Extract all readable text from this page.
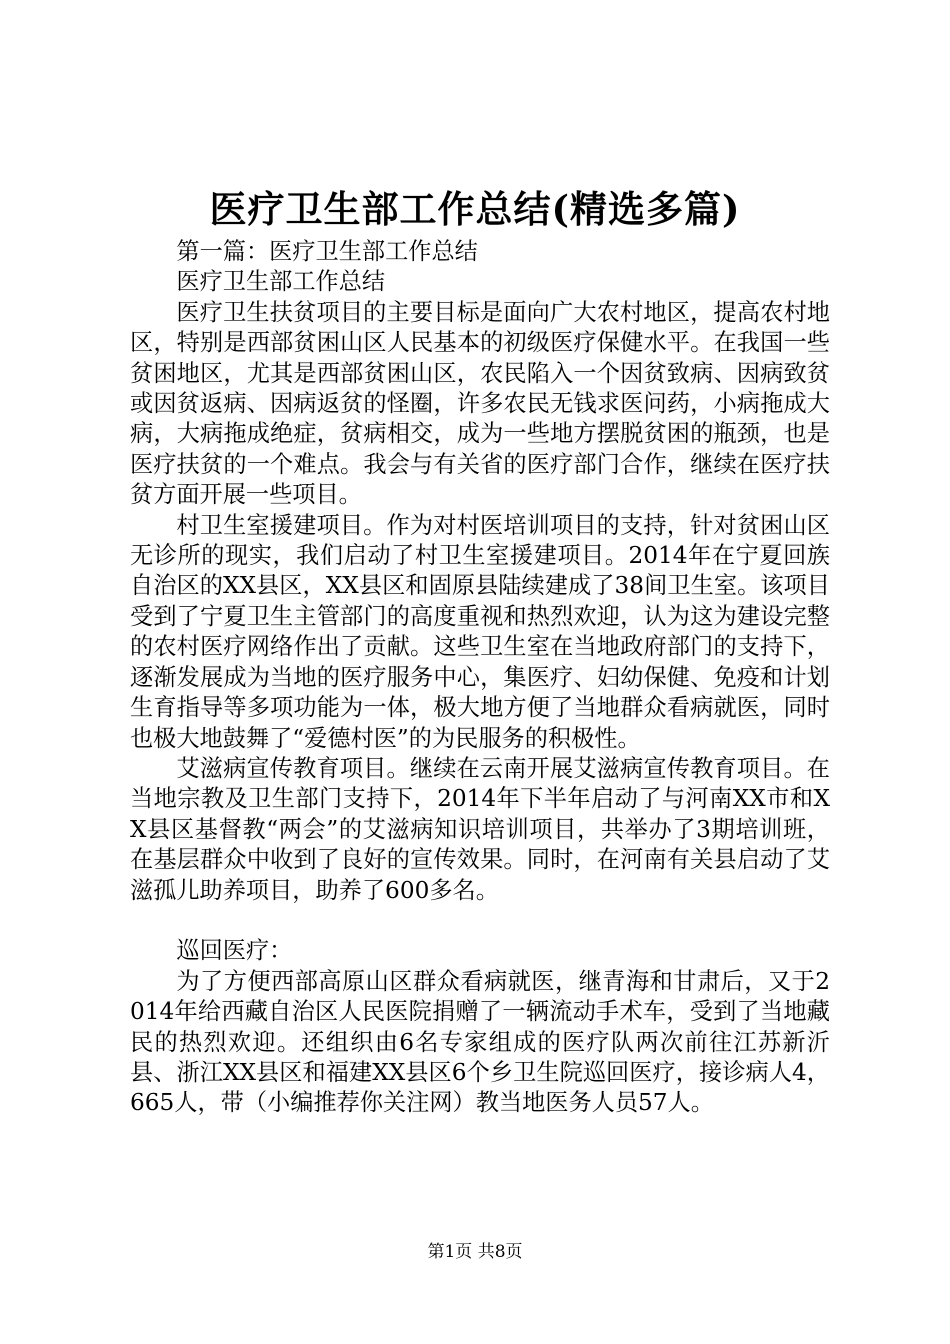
医疗卫生部工作总结(精选多篇)

第一篇：医疗卫生部工作总结

医疗卫生部工作总结

医疗卫生扶贫项目的主要目标是面向广大农村地区，提高农村地区，特别是西部贫困山区人民基本的初级医疗保健水平。在我国一些贫困地区，尤其是西部贫困山区，农民陷入一个因贫致病、因病致贫或因贫返病、因病返贫的怪圈，许多农民无钱求医问药，小病拖成大病，大病拖成绝症，贫病相交，成为一些地方摆脱贫困的瓶颈，也是医疗扶贫的一个难点。我会与有关省的医疗部门合作，继续在医疗扶贫方面开展一些项目。

村卫生室援建项目。作为对村医培训项目的支持，针对贫困山区无诊所的现实，我们启动了村卫生室援建项目。2014年在宁夏回族自治区的XX县区，XX县区和固原县陆续建成了38间卫生室。该项目受到了宁夏卫生主管部门的高度重视和热烈欢迎，认为这为建设完整的农村医疗网络作出了贡献。这些卫生室在当地政府部门的支持下，逐渐发展成为当地的医疗服务中心，集医疗、妇幼保健、免疫和计划生育指导等多项功能为一体，极大地方便了当地群众看病就医，同时也极大地鼓舞了“爱德村医”的为民服务的积极性。

艾滋病宣传教育项目。继续在云南开展艾滋病宣传教育项目。在当地宗教及卫生部门支持下，2014年下半年启动了与河南XX市和XX县区基督教“两会”的艾滋病知识培训项目，共举办了3期培训班，在基层群众中收到了良好的宣传效果。同时，在河南有关县启动了艾滋孤儿助养项目，助养了600多名。

巡回医疗：

为了方便西部高原山区群众看病就医，继青海和甘肃后，又于2014年给西藏自治区人民医院捐赠了一辆流动手术车，受到了当地藏民的热烈欢迎。还组织由6名专家组成的医疗队两次前往江苏新沂县、浙江XX县区和福建XX县区6个乡卫生院巡回医疗，接诊病人4，665人，带（小编推荐你关注网）教当地医务人员57人。

第1页 共8页
